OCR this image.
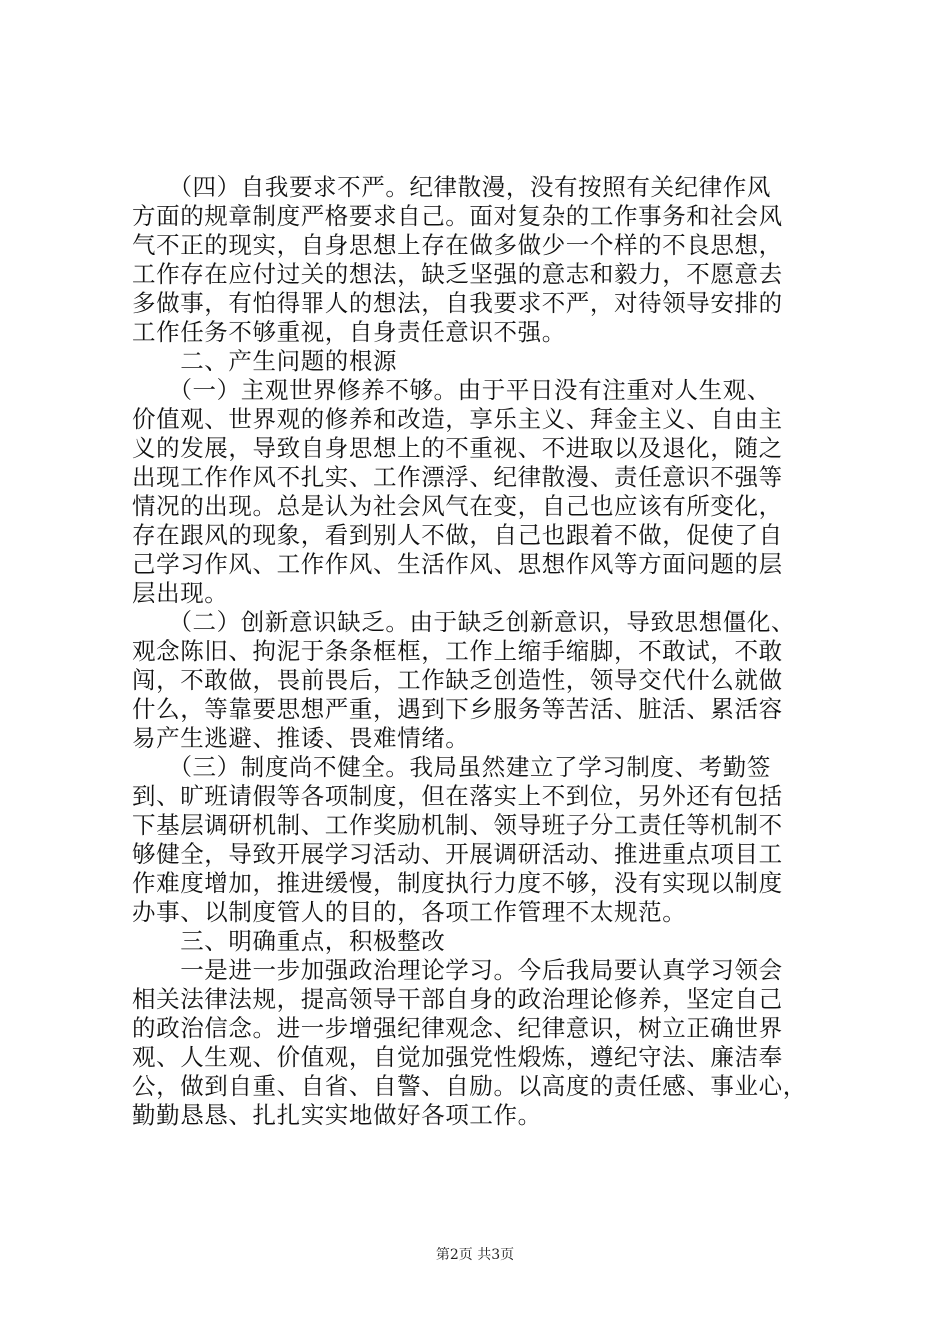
　　（四）自我要求不严。纪律散漫，没有按照有关纪律作风
方面的规章制度严格要求自己。面对复杂的工作事务和社会风
气不正的现实，自身思想上存在做多做少一个样的不良思想，
工作存在应付过关的想法，缺乏坚强的意志和毅力，不愿意去
多做事，有怕得罪人的想法，自我要求不严，对待领导安排的
工作任务不够重视，自身责任意识不强。
　　二、产生问题的根源
　　（一）主观世界修养不够。由于平日没有注重对人生观、
价值观、世界观的修养和改造，享乐主义、拜金主义、自由主
义的发展，导致自身思想上的不重视、不进取以及退化，随之
出现工作作风不扎实、工作漂浮、纪律散漫、责任意识不强等
情况的出现。总是认为社会风气在变，自己也应该有所变化，
存在跟风的现象，看到别人不做，自己也跟着不做，促使了自
己学习作风、工作作风、生活作风、思想作风等方面问题的层
层出现。
　　（二）创新意识缺乏。由于缺乏创新意识，导致思想僵化、
观念陈旧、拘泥于条条框框，工作上缩手缩脚，不敢试，不敢
闯，不敢做，畏前畏后，工作缺乏创造性，领导交代什么就做
什么，等靠要思想严重，遇到下乡服务等苦活、脏活、累活容
易产生逃避、推诿、畏难情绪。
　　（三）制度尚不健全。我局虽然建立了学习制度、考勤签
到、旷班请假等各项制度，但在落实上不到位，另外还有包括
下基层调研机制、工作奖励机制、领导班子分工责任等机制不
够健全，导致开展学习活动、开展调研活动、推进重点项目工
作难度增加，推进缓慢，制度执行力度不够，没有实现以制度
办事、以制度管人的目的，各项工作管理不太规范。
　　三、明确重点，积极整改
　　一是进一步加强政治理论学习。今后我局要认真学习领会
相关法律法规，提高领导干部自身的政治理论修养，坚定自己
的政治信念。进一步增强纪律观念、纪律意识，树立正确世界
观、人生观、价值观，自觉加强党性煅炼，遵纪守法、廉洁奉
公，做到自重、自省、自警、自励。以高度的责任感、事业心，
勤勤恳恳、扎扎实实地做好各项工作。
第2页 共3页
